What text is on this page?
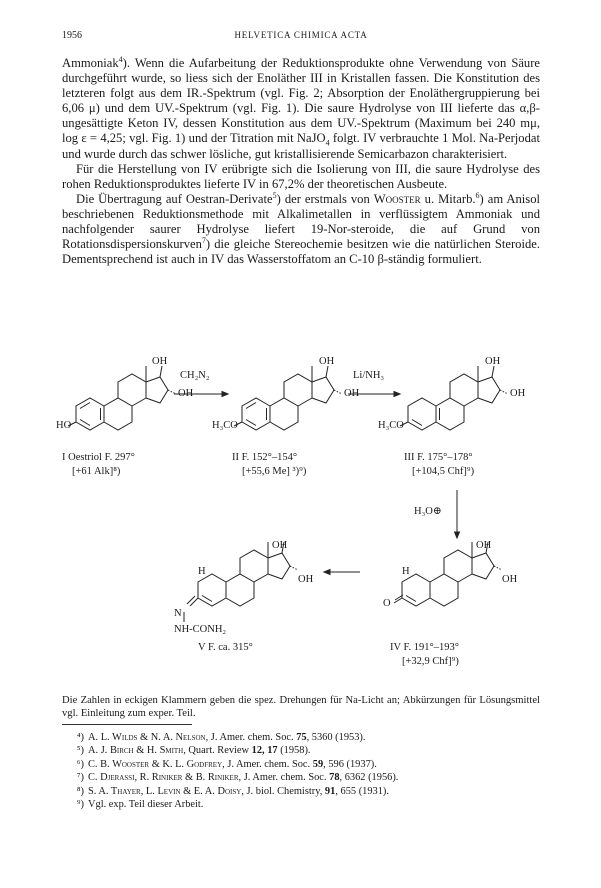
1956	HELVETICA CHIMICA ACTA

Ammoniak$^4$). Wenn die Aufarbeitung der Reduktionsprodukte ohne Verwendung von Säure durchgeführt wurde, so liess sich der Enoläther III in Kristallen fassen. Die Konstitution des letzteren folgt aus dem IR.-Spektrum (vgl. Fig. 2; Absorption der Enoläthergruppierung bei 6,06 μ) und dem UV.-Spektrum (vgl. Fig. 1). Die saure Hydrolyse von III lieferte das α,β-ungesättigte Keton IV, dessen Konstitution aus dem UV.-Spektrum (Maximum bei 240 mμ, log ε = 4,25; vgl. Fig. 1) und der Titration mit NaJO$_4$ folgt. IV verbrauchte 1 Mol. Na-Perjodat und wurde durch das schwer lösliche, gut kristallisierende Semicarbazon charakterisiert.

Für die Herstellung von IV erübrigte sich die Isolierung von III, die saure Hydrolyse des rohen Reduktionsproduktes lieferte IV in 67,2% der theoretischen Ausbeute.

Die Übertragung auf Oestran-Derivate$^5$) der erstmals von Wooster u. Mitarb.$^6$) am Anisol beschriebenen Reduktionsmethode mit Alkalimetallen in verflüssigtem Ammoniak und nachfolgender saurer Hydrolyse liefert 19-Nor-steroide, die auf Grund von Rotationsdispersionskurven$^7$) die gleiche Stereochemie besitzen wie die natürlichen Steroide. Dementsprechend ist auch in IV das Wasserstoffatom an C-10 β-ständig formuliert.

OH
OH
HO
CH₂N₂
OH
OH
H₃CO
Li/NH₃
OH
OH
H₃CO
I Oestriol F. 297°
[+61 Alk]⁸)
II F. 152°–154°
[+55,6 Me] ³)⁹)
III F. 175°–178°
[+104,5 Chf]⁹)
H₃O⊕
OH
OH
H
N
NH-CONH₂
OH
OH
H
O
V F. ca. 315°	IV F. 191°–193°
[+32,9 Chf]⁹)
Die Zahlen in eckigen Klammern geben die spez. Drehungen für Na-Licht an; Abkürzungen für Lösungsmittel vgl. Einleitung zum exper. Teil.
⁴) A. L. Wilds & N. A. Nelson, J. Amer. chem. Soc. 75, 5360 (1953).
⁵) A. J. Birch & H. Smith, Quart. Review 12, 17 (1958).
⁶) C. B. Wooster & K. L. Godfrey, J. Amer. chem. Soc. 59, 596 (1937).
⁷) C. Djerassi, R. Riniker & B. Riniker, J. Amer. chem. Soc. 78, 6362 (1956).
⁸) S. A. Thayer, L. Levin & E. A. Doisy, J. biol. Chemistry, 91, 655 (1931).
⁹) Vgl. exp. Teil dieser Arbeit.
